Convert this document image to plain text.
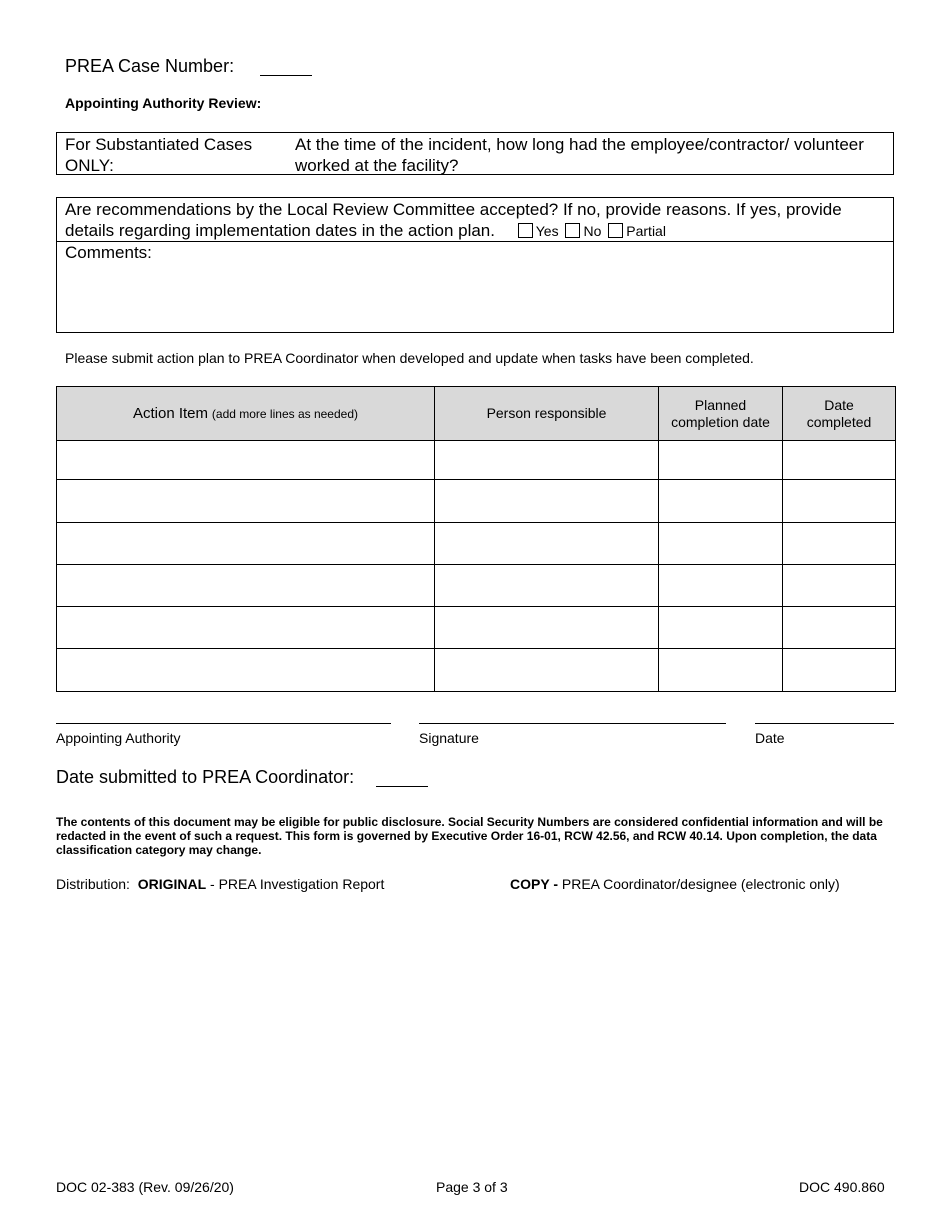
PREA Case Number:
Appointing Authority Review:
For Substantiated Cases ONLY:
At the time of the incident, how long had the employee/contractor/ volunteer worked at the facility?
Are recommendations by the Local Review Committee accepted? If no, provide reasons. If yes, provide details regarding implementation dates in the action plan.	Yes No Partial
Comments:
Please submit action plan to PREA Coordinator when developed and update when tasks have been completed.
Action Item (add more lines as needed)	Person responsible	Planned completion date	Date completed

Appointing Authority	Signature	Date
Date submitted to PREA Coordinator:
The contents of this document may be eligible for public disclosure. Social Security Numbers are considered confidential information and will be redacted in the event of such a request. This form is governed by Executive Order 16-01, RCW 42.56, and RCW 40.14. Upon completion, the data classification category may change.
Distribution: ORIGINAL - PREA Investigation Report	COPY - PREA Coordinator/designee (electronic only)
DOC 02-383 (Rev. 09/26/20)	Page 3 of 3	DOC 490.860
